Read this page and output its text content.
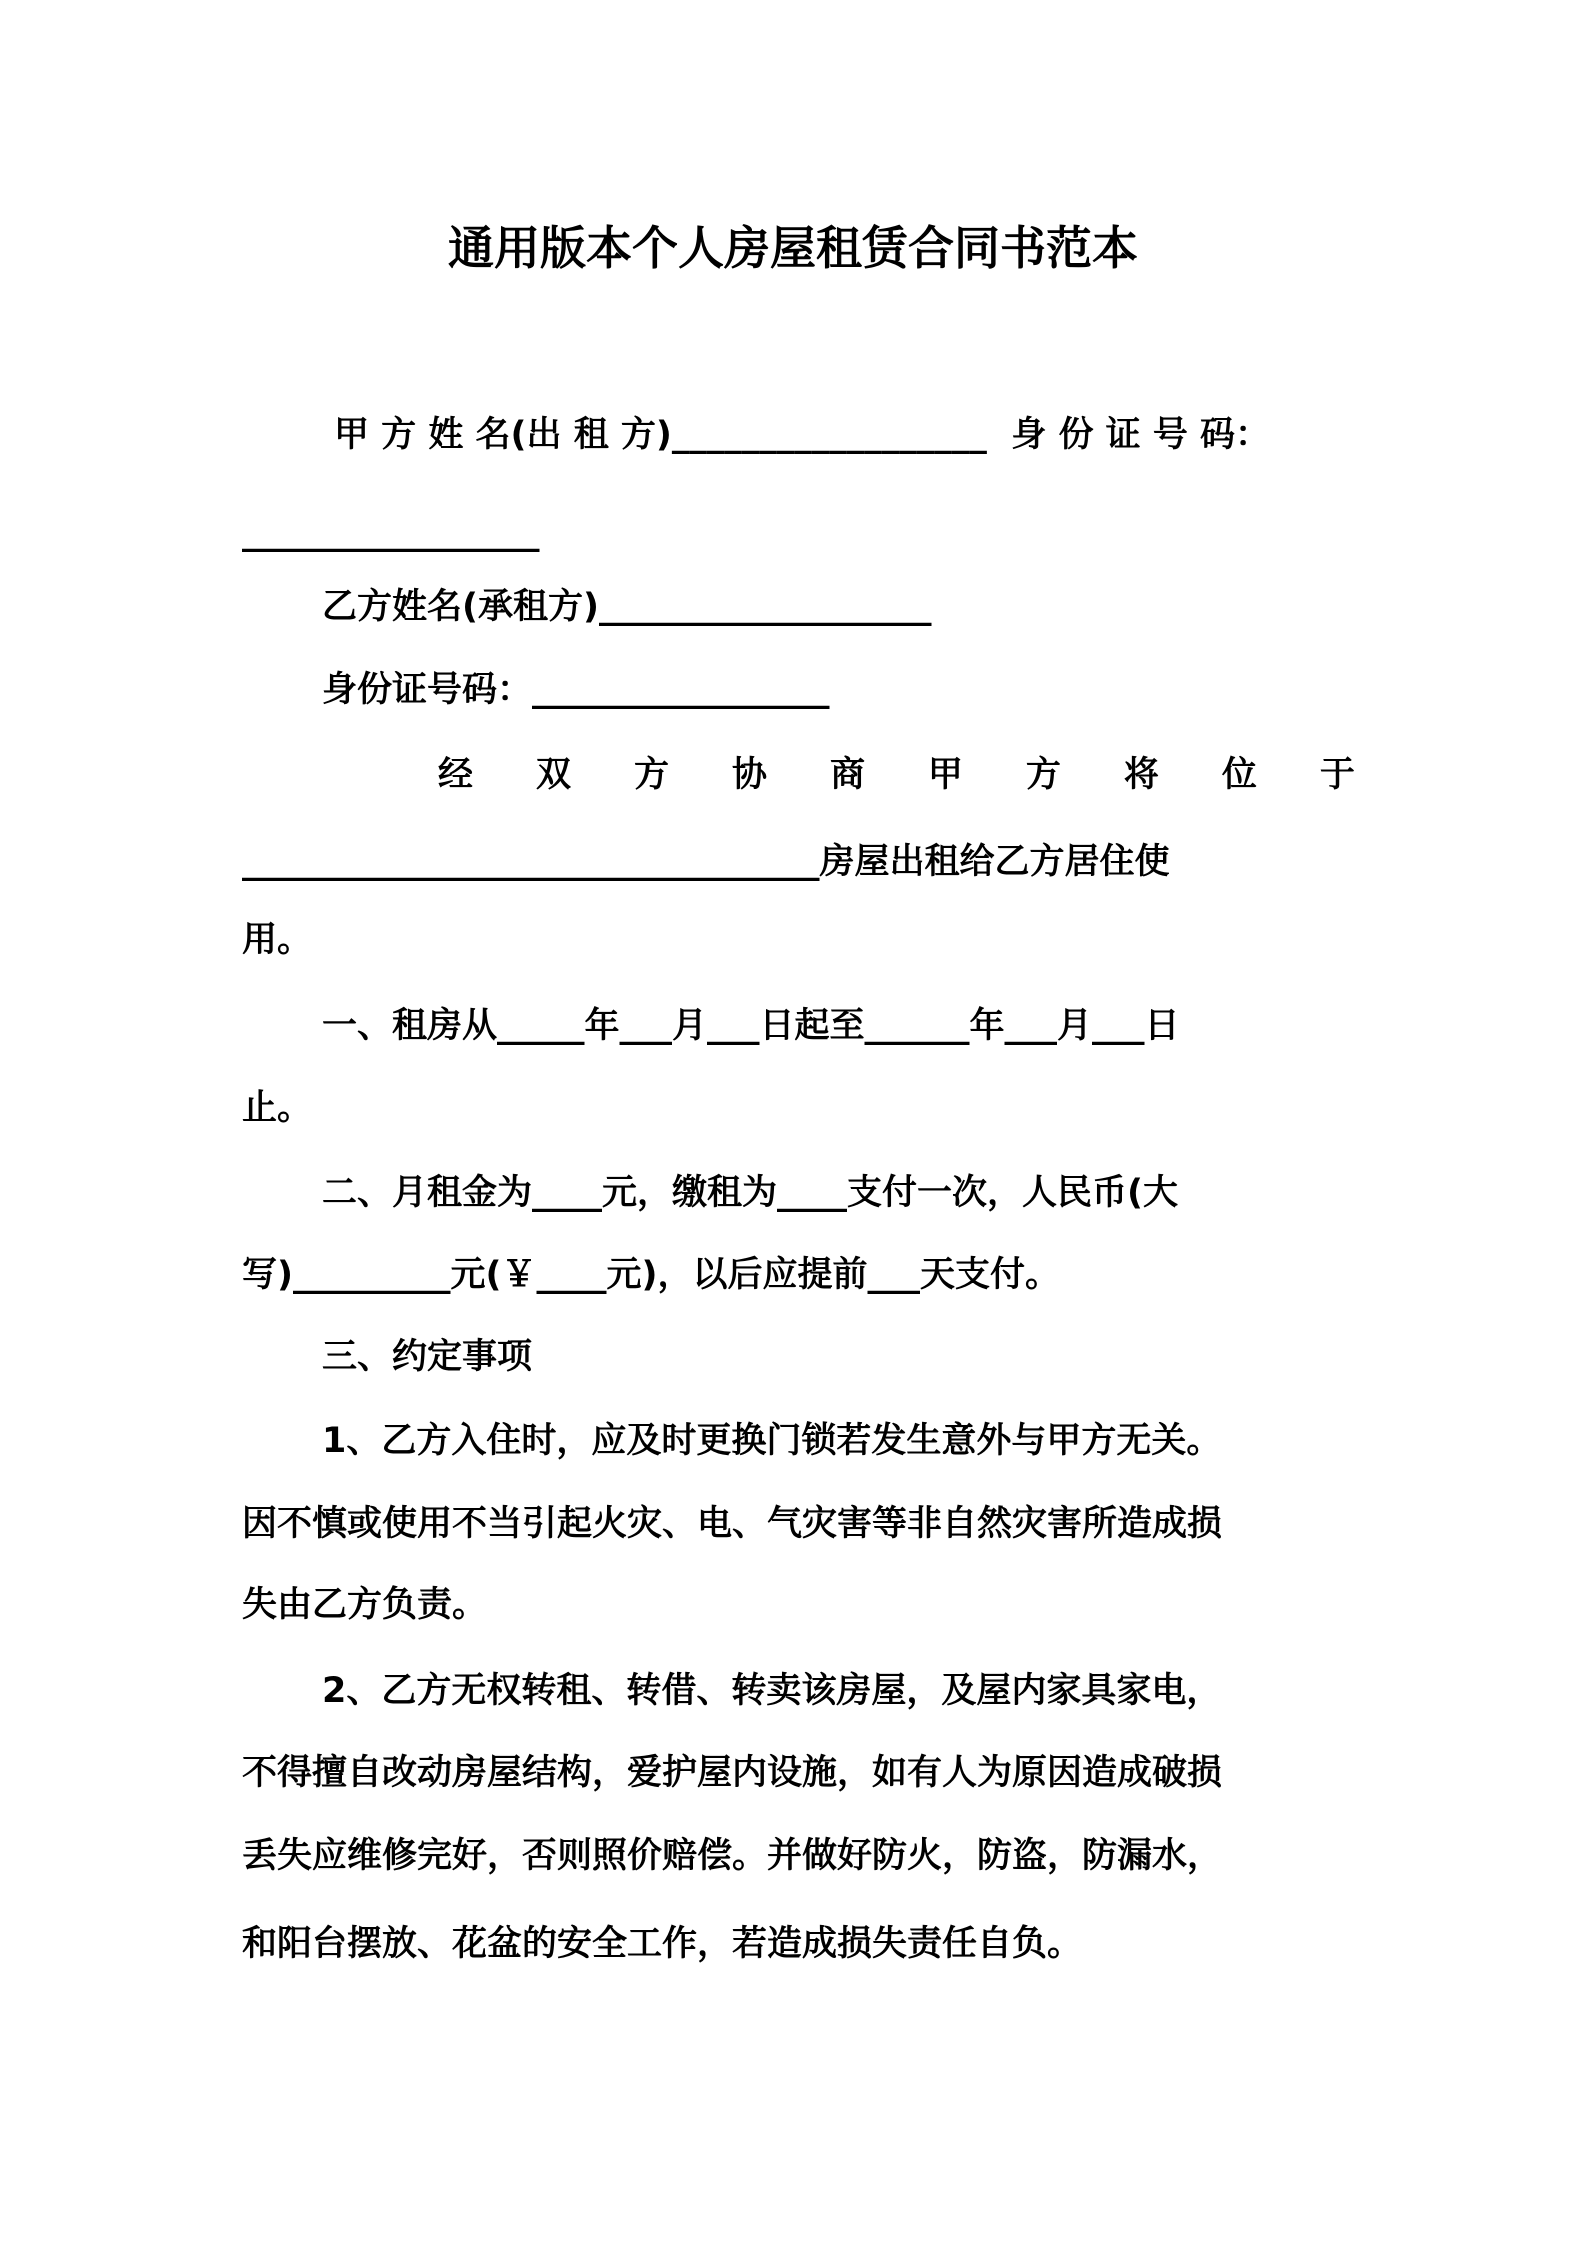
通用版本个人房屋租赁合同书范本
甲 方 姓 名(出 租 方)__________________  身 份 证 号 码：
_________________
乙方姓名(承租方)___________________
身份证号码：_________________
经 双 方 协 商 甲 方 将 位 于
_________________________________房屋出租给乙方居住使
用。
一、租房从_____年___月___日起至______年___月___日
止。
二、月租金为____元，缴租为____支付一次，人民币(大
写)_________元(￥____元)，以后应提前___天支付。
三、约定事项
1、乙方入住时，应及时更换门锁若发生意外与甲方无关。
因不慎或使用不当引起火灾、电、气灾害等非自然灾害所造成损
失由乙方负责。
2、乙方无权转租、转借、转卖该房屋，及屋内家具家电，
不得擅自改动房屋结构，爱护屋内设施，如有人为原因造成破损
丢失应维修完好，否则照价赔偿。并做好防火，防盗，防漏水，
和阳台摆放、花盆的安全工作，若造成损失责任自负。
